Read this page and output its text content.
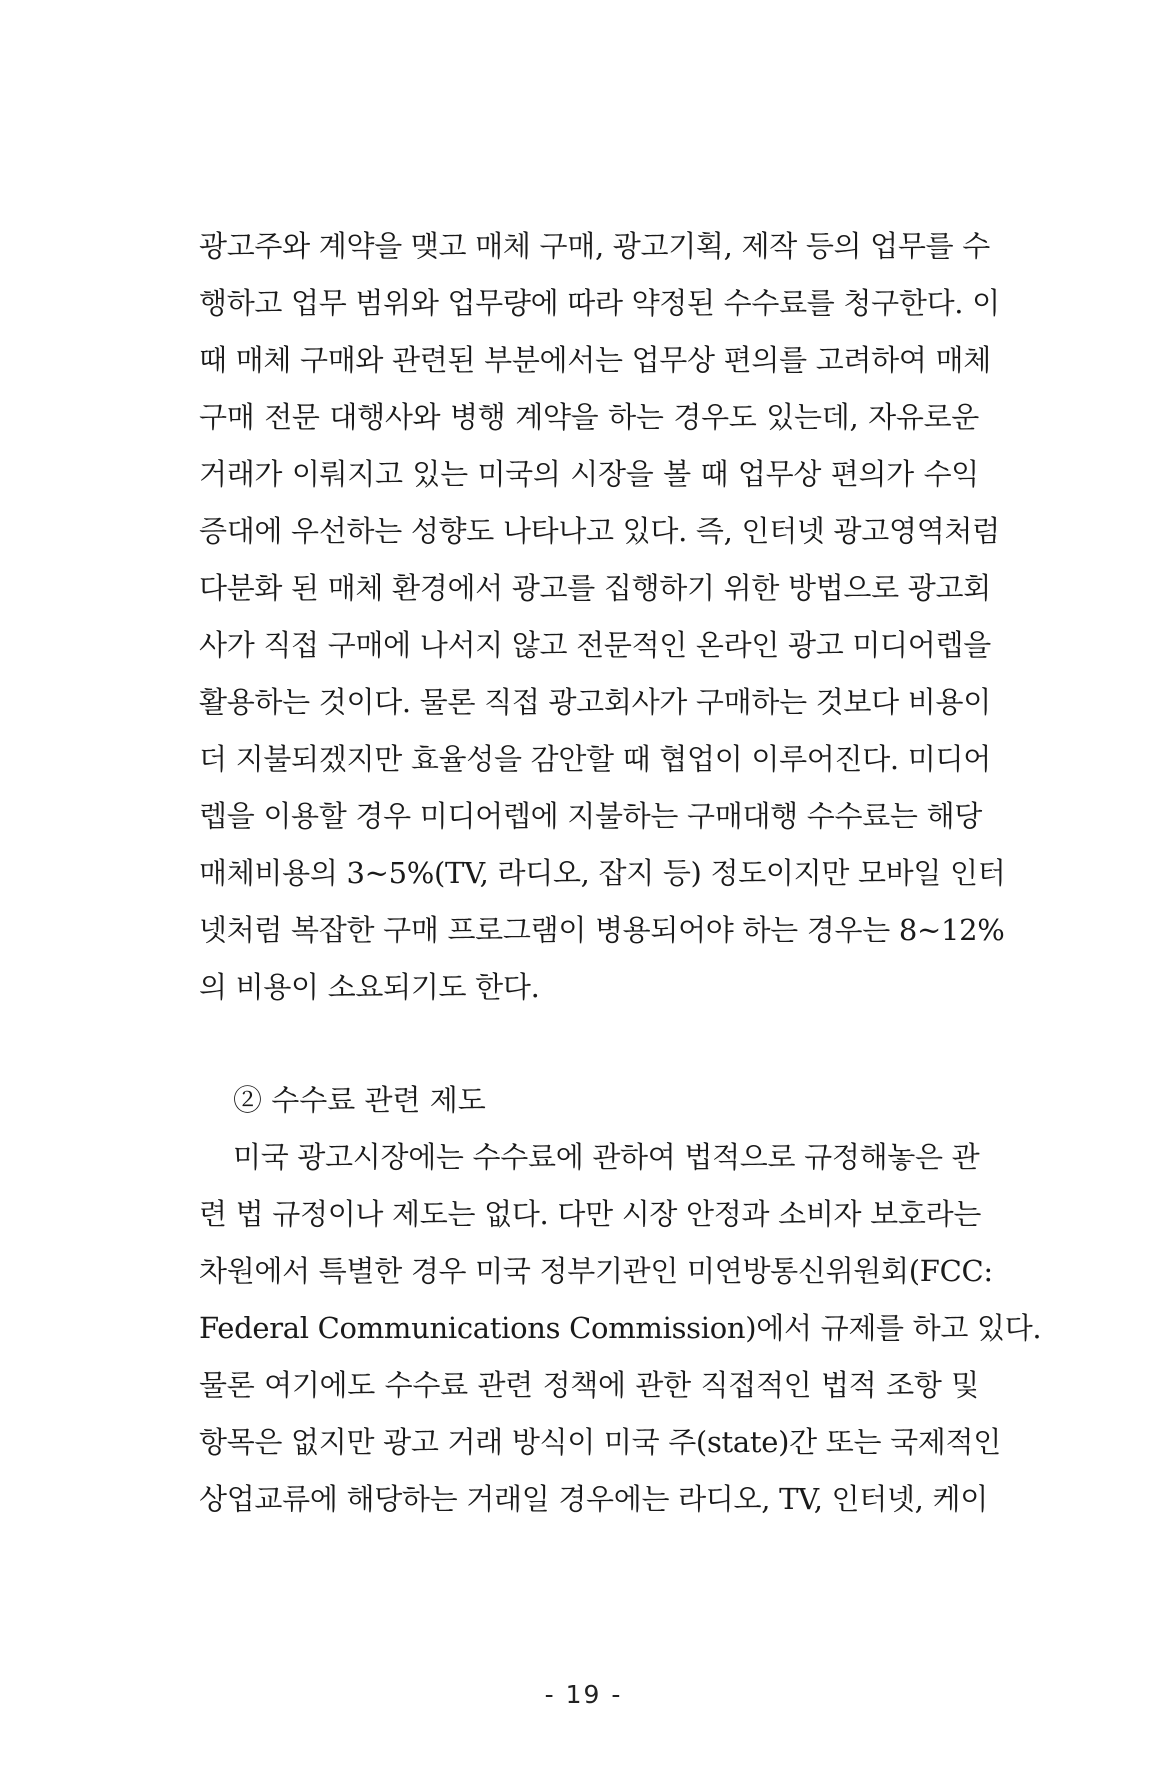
광고주와 계약을 맺고 매체 구매, 광고기획, 제작 등의 업무를 수
행하고 업무 범위와 업무량에 따라 약정된 수수료를 청구한다. 이
때 매체 구매와 관련된 부분에서는 업무상 편의를 고려하여 매체
구매 전문 대행사와 병행 계약을 하는 경우도 있는데, 자유로운
거래가 이뤄지고 있는 미국의 시장을 볼 때 업무상 편의가 수익
증대에 우선하는 성향도 나타나고 있다. 즉, 인터넷 광고영역처럼
다분화 된 매체 환경에서 광고를 집행하기 위한 방법으로 광고회
사가 직접 구매에 나서지 않고 전문적인 온라인 광고 미디어렙을
활용하는 것이다. 물론 직접 광고회사가 구매하는 것보다 비용이
더 지불되겠지만 효율성을 감안할 때 협업이 이루어진다. 미디어
렙을 이용할 경우 미디어렙에 지불하는 구매대행 수수료는 해당
매체비용의 3~5%(TV, 라디오, 잡지 등) 정도이지만 모바일 인터
넷처럼 복잡한 구매 프로그램이 병용되어야 하는 경우는 8~12%
의 비용이 소요되기도 한다.
② 수수료 관련 제도
미국 광고시장에는 수수료에 관하여 법적으로 규정해놓은 관
련 법 규정이나 제도는 없다. 다만 시장 안정과 소비자 보호라는
차원에서 특별한 경우 미국 정부기관인 미연방통신위원회(FCC:
Federal Communications Commission)에서 규제를 하고 있다.
물론 여기에도 수수료 관련 정책에 관한 직접적인 법적 조항 및
항목은 없지만 광고 거래 방식이 미국 주(state)간 또는 국제적인
상업교류에 해당하는 거래일 경우에는 라디오, TV, 인터넷, 케이
- 19 -
